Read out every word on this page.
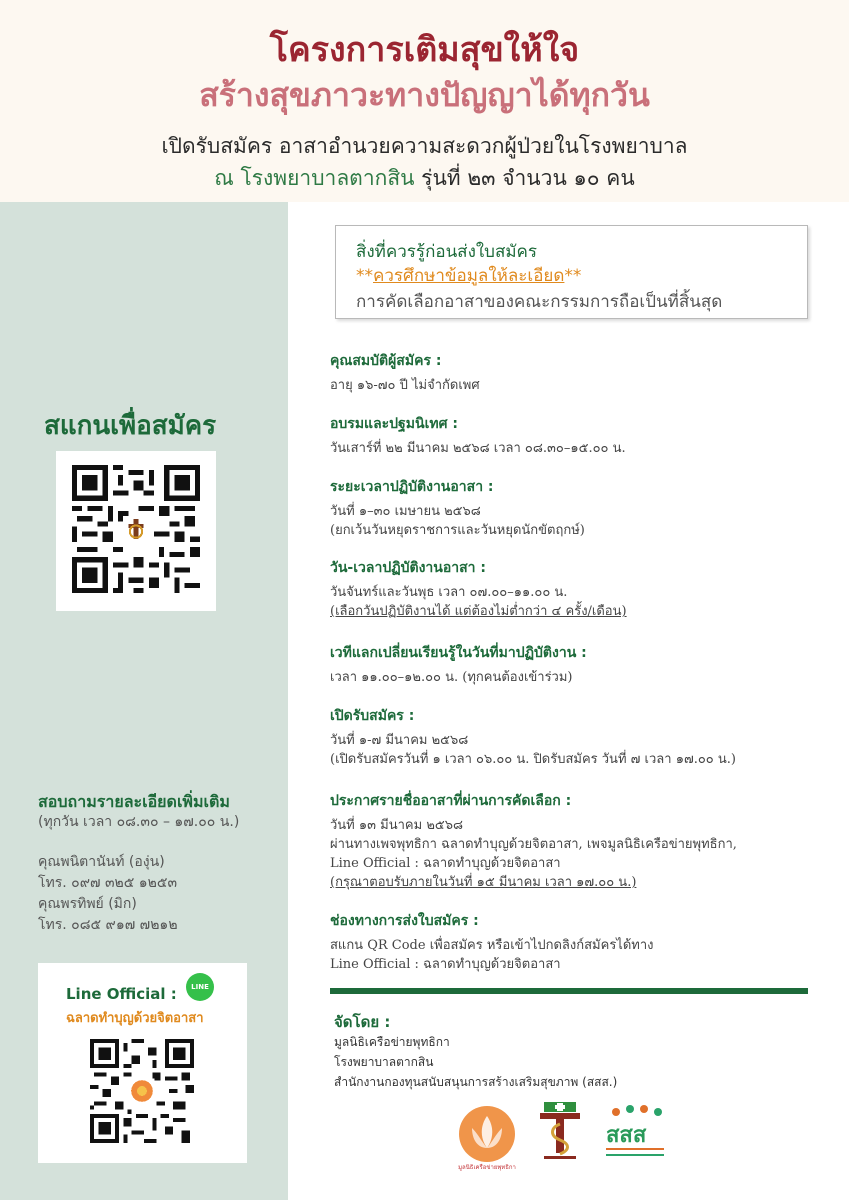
โครงการเติมสุขให้ใจ
สร้างสุขภาวะทางปัญญาได้ทุกวัน
เปิดรับสมัคร อาสาอำนวยความสะดวกผู้ป่วยในโรงพยาบาล
ณ โรงพยาบาลตากสิน รุ่นที่ ๒๓ จำนวน ๑๐ คน
สแกนเพื่อสมัคร
สอบถามรายละเอียดเพิ่มเติม
(ทุกวัน เวลา ๐๘.๓๐ – ๑๗.๐๐ น.)
คุณพนิตานันท์ (องุ่น)
โทร. ๐๙๗ ๓๒๕ ๑๒๕๓
คุณพรทิพย์ (มิก)
โทร. ๐๘๕ ๙๑๗ ๗๒๑๒
Line Official :	LINE
ฉลาดทำบุญด้วยจิตอาสา
สิ่งที่ควรรู้ก่อนส่งใบสมัคร
**ควรศึกษาข้อมูลให้ละเอียด**
การคัดเลือกอาสาของคณะกรรมการถือเป็นที่สิ้นสุด
คุณสมบัติผู้สมัคร :
อายุ ๑๖-๗๐ ปี ไม่จำกัดเพศ
อบรมและปฐมนิเทศ :
วันเสาร์ที่ ๒๒ มีนาคม ๒๕๖๘ เวลา ๐๘.๓๐–๑๕.๐๐ น.
ระยะเวลาปฏิบัติงานอาสา :
วันที่ ๑–๓๐ เมษายน ๒๕๖๘
(ยกเว้นวันหยุดราชการและวันหยุดนักขัตฤกษ์)
วัน-เวลาปฏิบัติงานอาสา :
วันจันทร์และวันพุธ เวลา ๐๗.๐๐–๑๑.๐๐ น.
(เลือกวันปฏิบัติงานได้ แต่ต้องไม่ต่ำกว่า ๔ ครั้ง/เดือน)
เวทีแลกเปลี่ยนเรียนรู้ในวันที่มาปฏิบัติงาน :
เวลา ๑๑.๐๐–๑๒.๐๐ น. (ทุกคนต้องเข้าร่วม)
เปิดรับสมัคร :
วันที่ ๑-๗ มีนาคม ๒๕๖๘
(เปิดรับสมัครวันที่ ๑ เวลา ๐๖.๐๐ น. ปิดรับสมัคร วันที่ ๗ เวลา ๑๗.๐๐ น.)
ประกาศรายชื่ออาสาที่ผ่านการคัดเลือก :
วันที่ ๑๓ มีนาคม ๒๕๖๘
ผ่านทางเพจพุทธิกา ฉลาดทำบุญด้วยจิตอาสา, เพจมูลนิธิเครือข่ายพุทธิกา,
Line Official : ฉลาดทำบุญด้วยจิตอาสา
(กรุณาตอบรับภายในวันที่ ๑๕ มีนาคม เวลา ๑๗.๐๐ น.)
ช่องทางการส่งใบสมัคร :
สแกน QR Code เพื่อสมัคร หรือเข้าไปกดลิงก์สมัครได้ทาง
Line Official : ฉลาดทำบุญด้วยจิตอาสา
จัดโดย :
มูลนิธิเครือข่ายพุทธิกา
โรงพยาบาลตากสิน
สำนักงานกองทุนสนับสนุนการสร้างเสริมสุขภาพ (สสส.)
มูลนิธิเครือข่ายพุทธิกา
สสส
